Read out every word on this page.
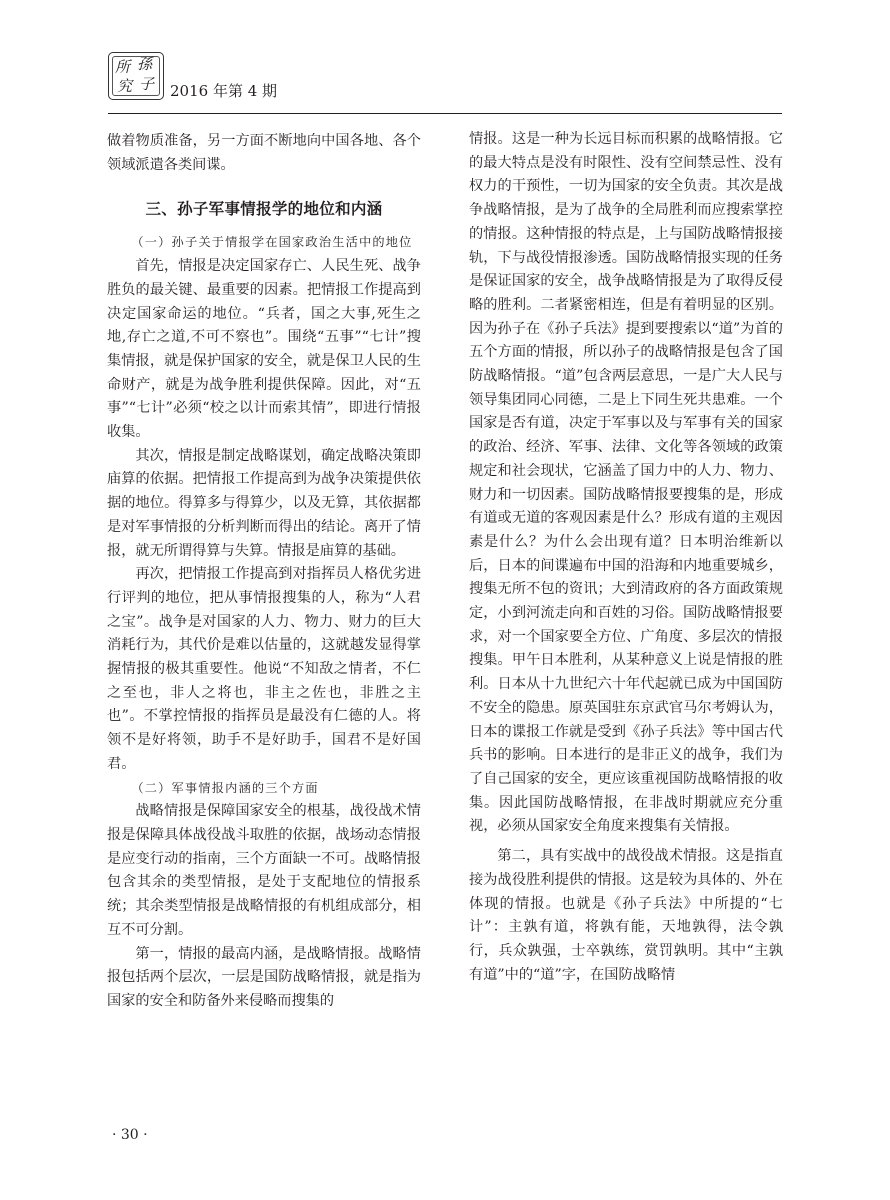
所 孫
究 子 2016 年第 4 期

做着物质准备，另一方面不断地向中国各地、各个领域派遣各类间谍。

三、孙子军事情报学的地位和内涵

（一）孙子关于情报学在国家政治生活中的地位

首先，情报是决定国家存亡、人民生死、战争胜负的最关键、最重要的因素。把情报工作提高到决定国家命运的地位。“兵者，国之大事,死生之地,存亡之道,不可不察也”。围绕“五事”“七计”搜集情报，就是保护国家的安全，就是保卫人民的生命财产，就是为战争胜利提供保障。因此，对“五事”“七计”必须“校之以计而索其情”，即进行情报收集。

其次，情报是制定战略谋划，确定战略决策即庙算的依据。把情报工作提高到为战争决策提供依据的地位。得算多与得算少，以及无算，其依据都是对军事情报的分析判断而得出的结论。离开了情报，就无所谓得算与失算。情报是庙算的基础。

再次，把情报工作提高到对指挥员人格优劣进行评判的地位，把从事情报搜集的人，称为“人君之宝”。战争是对国家的人力、物力、财力的巨大消耗行为，其代价是难以估量的，这就越发显得掌握情报的极其重要性。他说“不知敌之情者，不仁之至也，非人之将也，非主之佐也，非胜之主也”。不掌控情报的指挥员是最没有仁德的人。将领不是好将领，助手不是好助手，国君不是好国君。

（二）军事情报内涵的三个方面

战略情报是保障国家安全的根基，战役战术情报是保障具体战役战斗取胜的依据，战场动态情报是应变行动的指南，三个方面缺一不可。战略情报包含其余的类型情报，是处于支配地位的情报系统；其余类型情报是战略情报的有机组成部分，相互不可分割。

第一，情报的最高内涵，是战略情报。战略情报包括两个层次，一层是国防战略情报，就是指为国家的安全和防备外来侵略而搜集的

情报。这是一种为长远目标而积累的战略情报。它的最大特点是没有时限性、没有空间禁忌性、没有权力的干预性，一切为国家的安全负责。其次是战争战略情报，是为了战争的全局胜利而应搜索掌控的情报。这种情报的特点是，上与国防战略情报接轨，下与战役情报渗透。国防战略情报实现的任务是保证国家的安全，战争战略情报是为了取得反侵略的胜利。二者紧密相连，但是有着明显的区别。因为孙子在《孙子兵法》提到要搜索以“道”为首的五个方面的情报，所以孙子的战略情报是包含了国防战略情报。“道”包含两层意思，一是广大人民与领导集团同心同德，二是上下同生死共患难。一个国家是否有道，决定于军事以及与军事有关的国家的政治、经济、军事、法律、文化等各领域的政策规定和社会现状，它涵盖了国力中的人力、物力、财力和一切因素。国防战略情报要搜集的是，形成有道或无道的客观因素是什么？形成有道的主观因素是什么？为什么会出现有道？日本明治维新以后，日本的间谍遍布中国的沿海和内地重要城乡，搜集无所不包的资讯；大到清政府的各方面政策规定，小到河流走向和百姓的习俗。国防战略情报要求，对一个国家要全方位、广角度、多层次的情报搜集。甲午日本胜利，从某种意义上说是情报的胜利。日本从十九世纪六十年代起就已成为中国国防不安全的隐患。原英国驻东京武官马尔考姆认为，日本的谍报工作就是受到《孙子兵法》等中国古代兵书的影响。日本进行的是非正义的战争，我们为了自己国家的安全，更应该重视国防战略情报的收集。因此国防战略情报，在非战时期就应充分重视，必须从国家安全角度来搜集有关情报。

第二，具有实战中的战役战术情报。这是指直接为战役胜利提供的情报。这是较为具体的、外在体现的情报。也就是《孙子兵法》中所提的“七计”：主孰有道，将孰有能，天地孰得，法令孰行，兵众孰强，士卒孰练，赏罚孰明。其中“主孰有道”中的“道”字，在国防战略情

· 30 ·
